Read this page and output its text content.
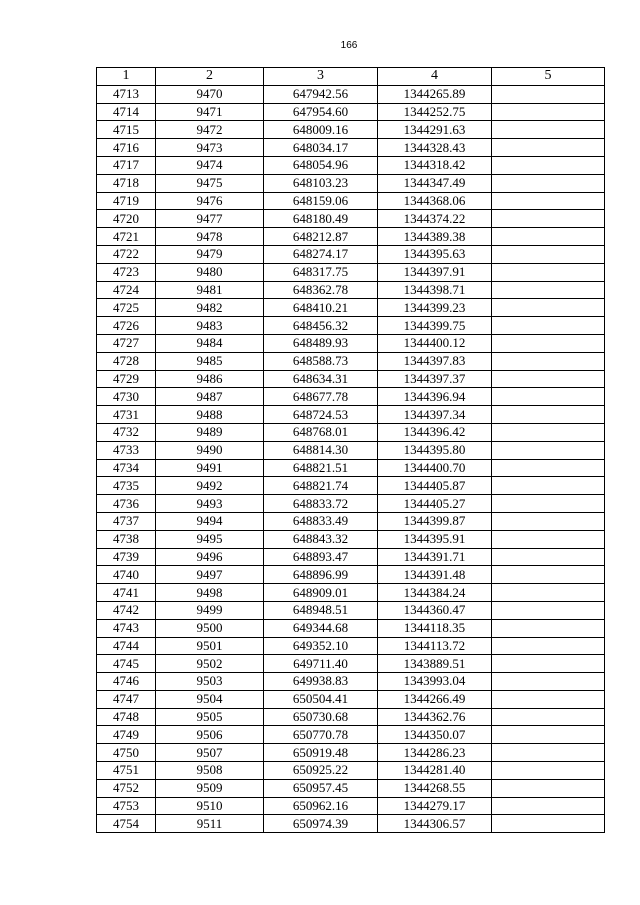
166
1	2	3	4	5
4713	9470	647942.56	1344265.89	
4714	9471	647954.60	1344252.75	
4715	9472	648009.16	1344291.63	
4716	9473	648034.17	1344328.43	
4717	9474	648054.96	1344318.42	
4718	9475	648103.23	1344347.49	
4719	9476	648159.06	1344368.06	
4720	9477	648180.49	1344374.22	
4721	9478	648212.87	1344389.38	
4722	9479	648274.17	1344395.63	
4723	9480	648317.75	1344397.91	
4724	9481	648362.78	1344398.71	
4725	9482	648410.21	1344399.23	
4726	9483	648456.32	1344399.75	
4727	9484	648489.93	1344400.12	
4728	9485	648588.73	1344397.83	
4729	9486	648634.31	1344397.37	
4730	9487	648677.78	1344396.94	
4731	9488	648724.53	1344397.34	
4732	9489	648768.01	1344396.42	
4733	9490	648814.30	1344395.80	
4734	9491	648821.51	1344400.70	
4735	9492	648821.74	1344405.87	
4736	9493	648833.72	1344405.27	
4737	9494	648833.49	1344399.87	
4738	9495	648843.32	1344395.91	
4739	9496	648893.47	1344391.71	
4740	9497	648896.99	1344391.48	
4741	9498	648909.01	1344384.24	
4742	9499	648948.51	1344360.47	
4743	9500	649344.68	1344118.35	
4744	9501	649352.10	1344113.72	
4745	9502	649711.40	1343889.51	
4746	9503	649938.83	1343993.04	
4747	9504	650504.41	1344266.49	
4748	9505	650730.68	1344362.76	
4749	9506	650770.78	1344350.07	
4750	9507	650919.48	1344286.23	
4751	9508	650925.22	1344281.40	
4752	9509	650957.45	1344268.55	
4753	9510	650962.16	1344279.17	
4754	9511	650974.39	1344306.57	
